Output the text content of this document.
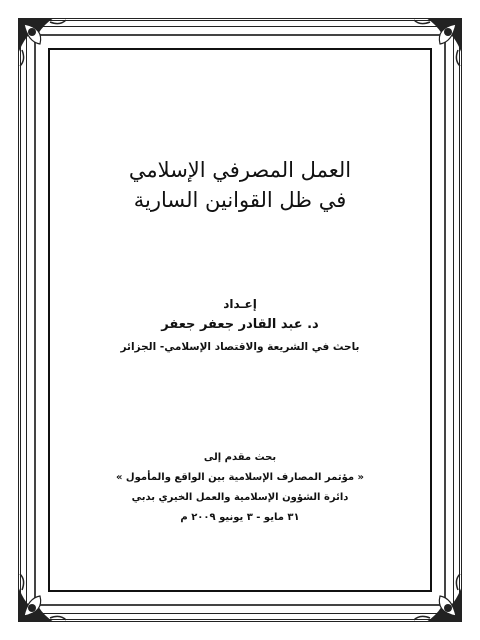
العمل المصرفي الإسلامي
في ظل القوانين السارية
إعـداد
د. عبد القادر جعفر جعفر
باحث في الشريعة والاقتصاد الإسلامي- الجزائر
بحث مقدم إلى
« مؤتمر المصارف الإسلامية بين الواقع والمأمول »
دائرة الشؤون الإسلامية والعمل الخيري بدبي
٣١ مايو - ٣ يونيو ٢٠٠٩ م
